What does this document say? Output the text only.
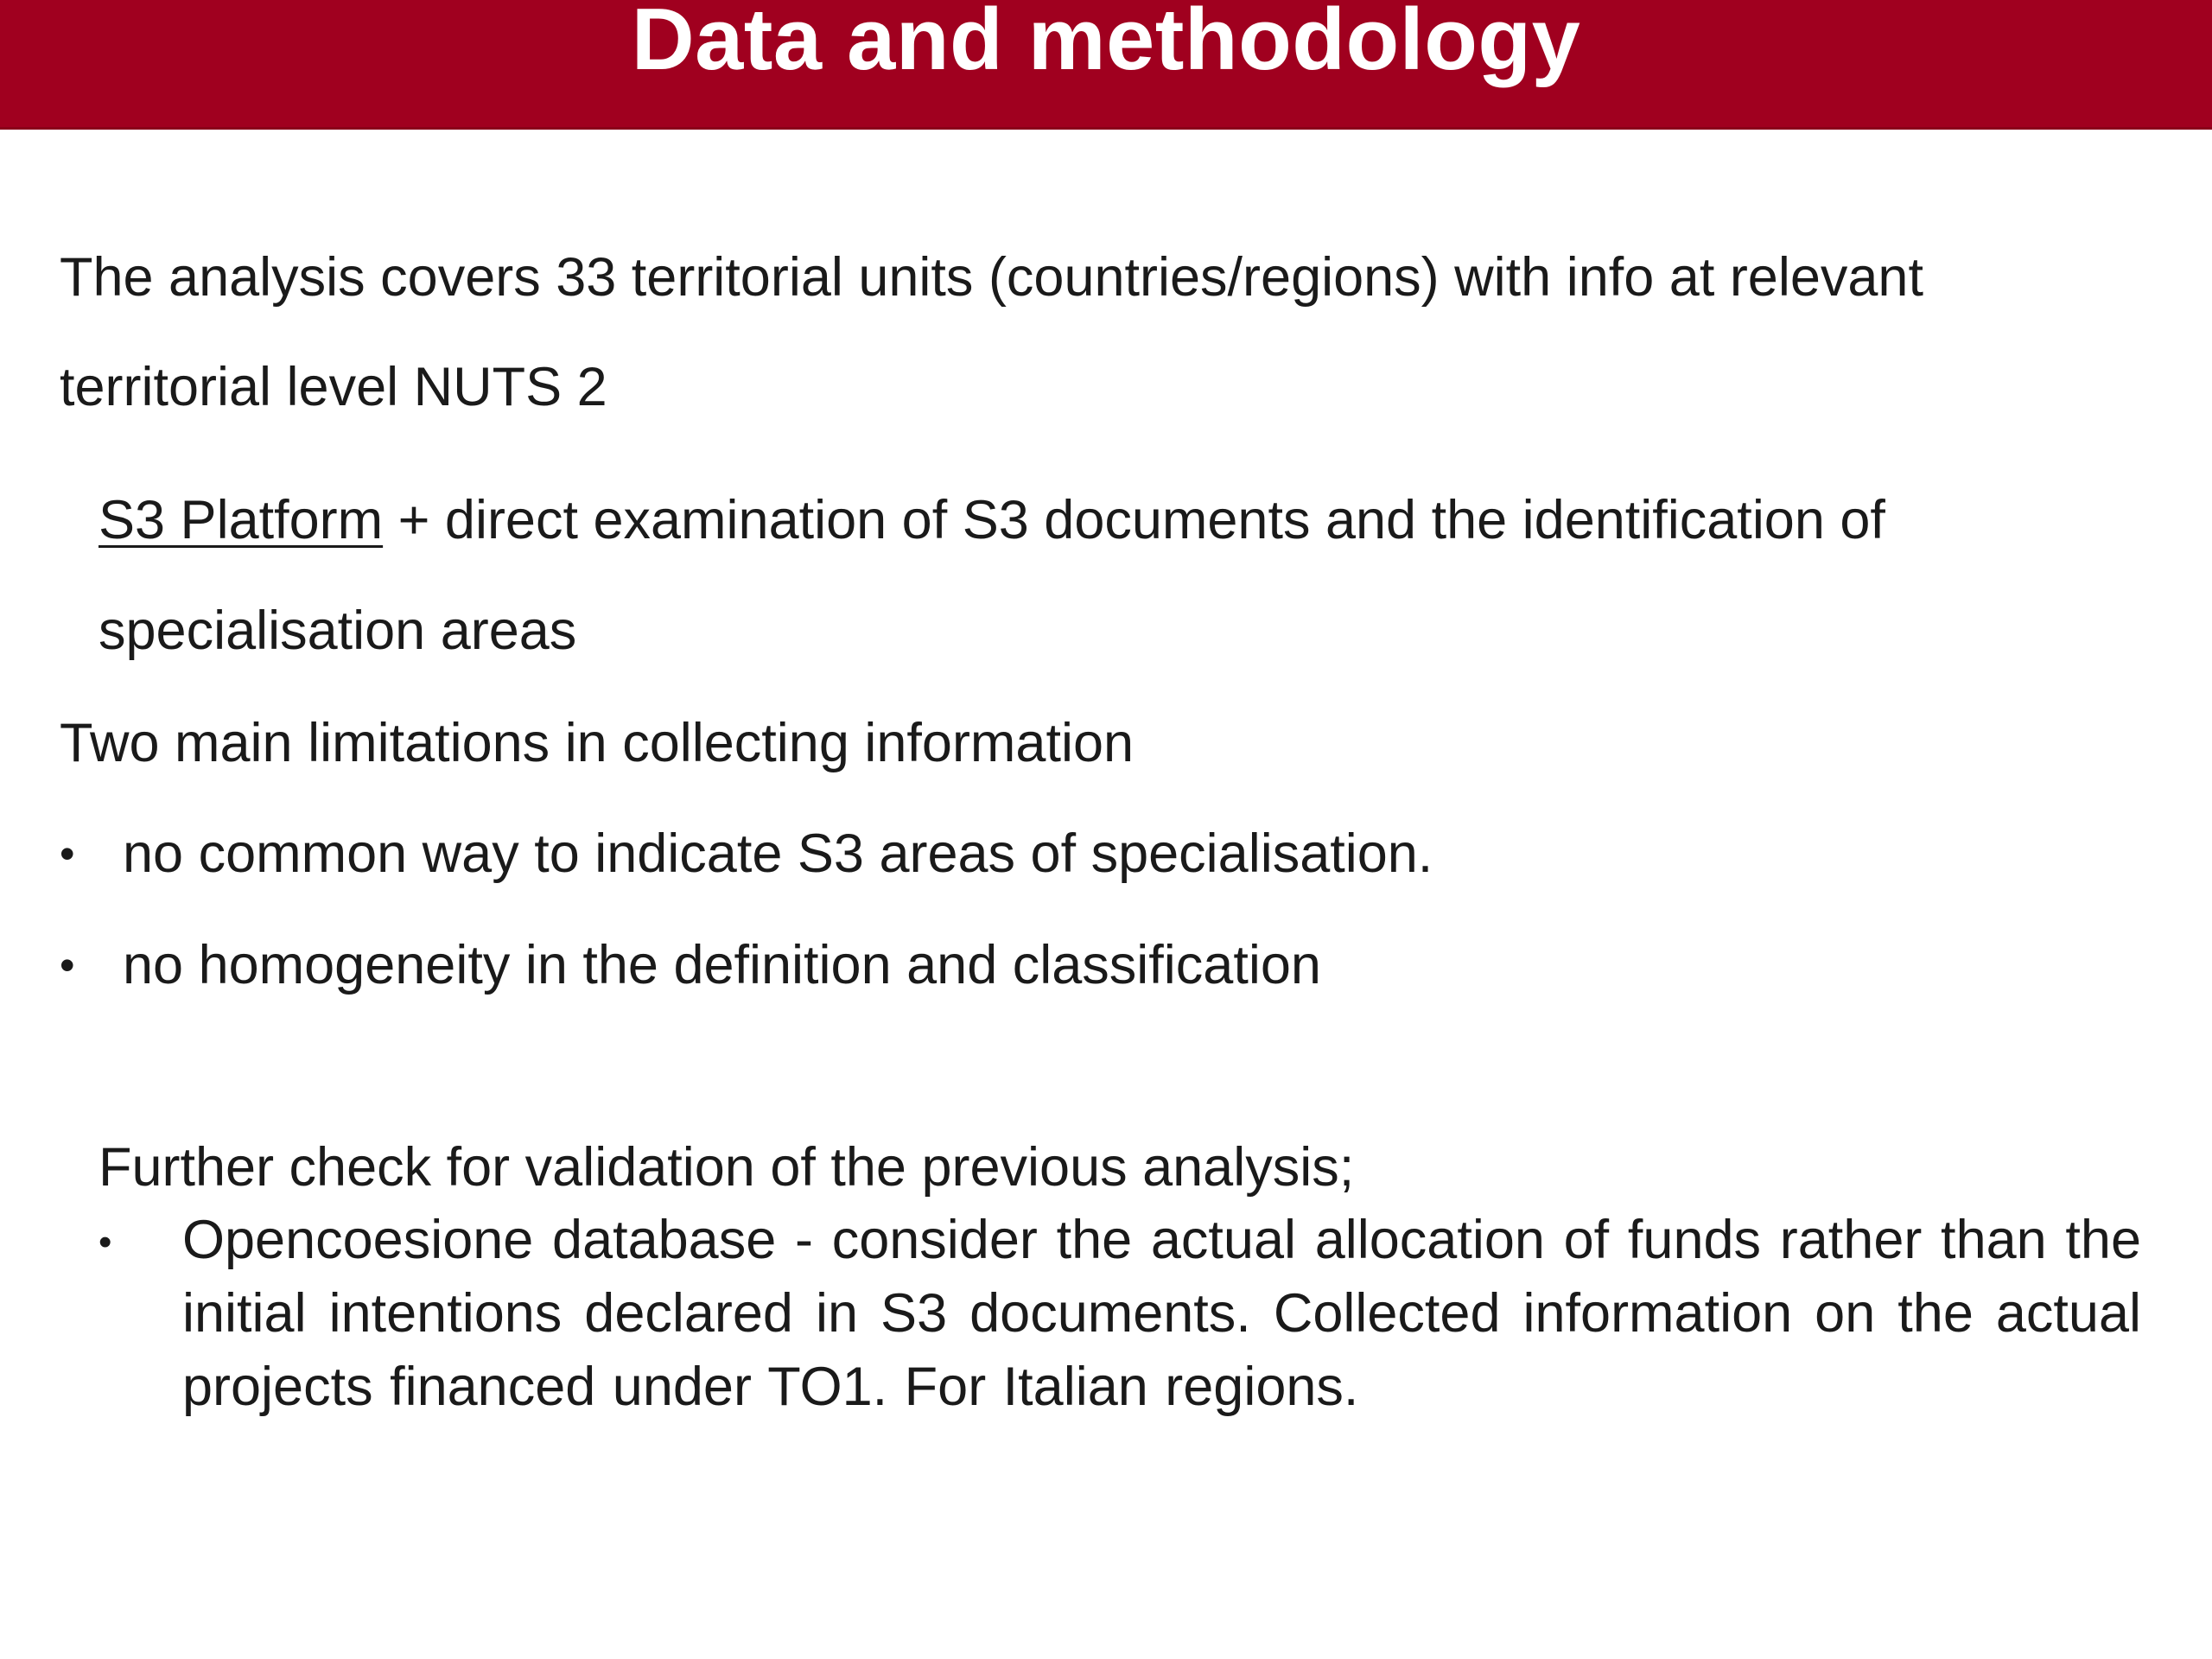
Data and methodology
The analysis covers 33 territorial units (countries/regions) with info at relevant
territorial level NUTS 2
S3 Platform + direct examination of S3 documents and the identification of
specialisation areas
Two main limitations in collecting information
• no common way to indicate S3 areas of specialisation.
• no homogeneity in the definition and classification
Further check for validation of the previous analysis;
• Opencoesione database - consider the actual allocation of funds rather than the initial intentions declared in S3 documents. Collected information on the actual projects financed under TO1. For Italian regions.
